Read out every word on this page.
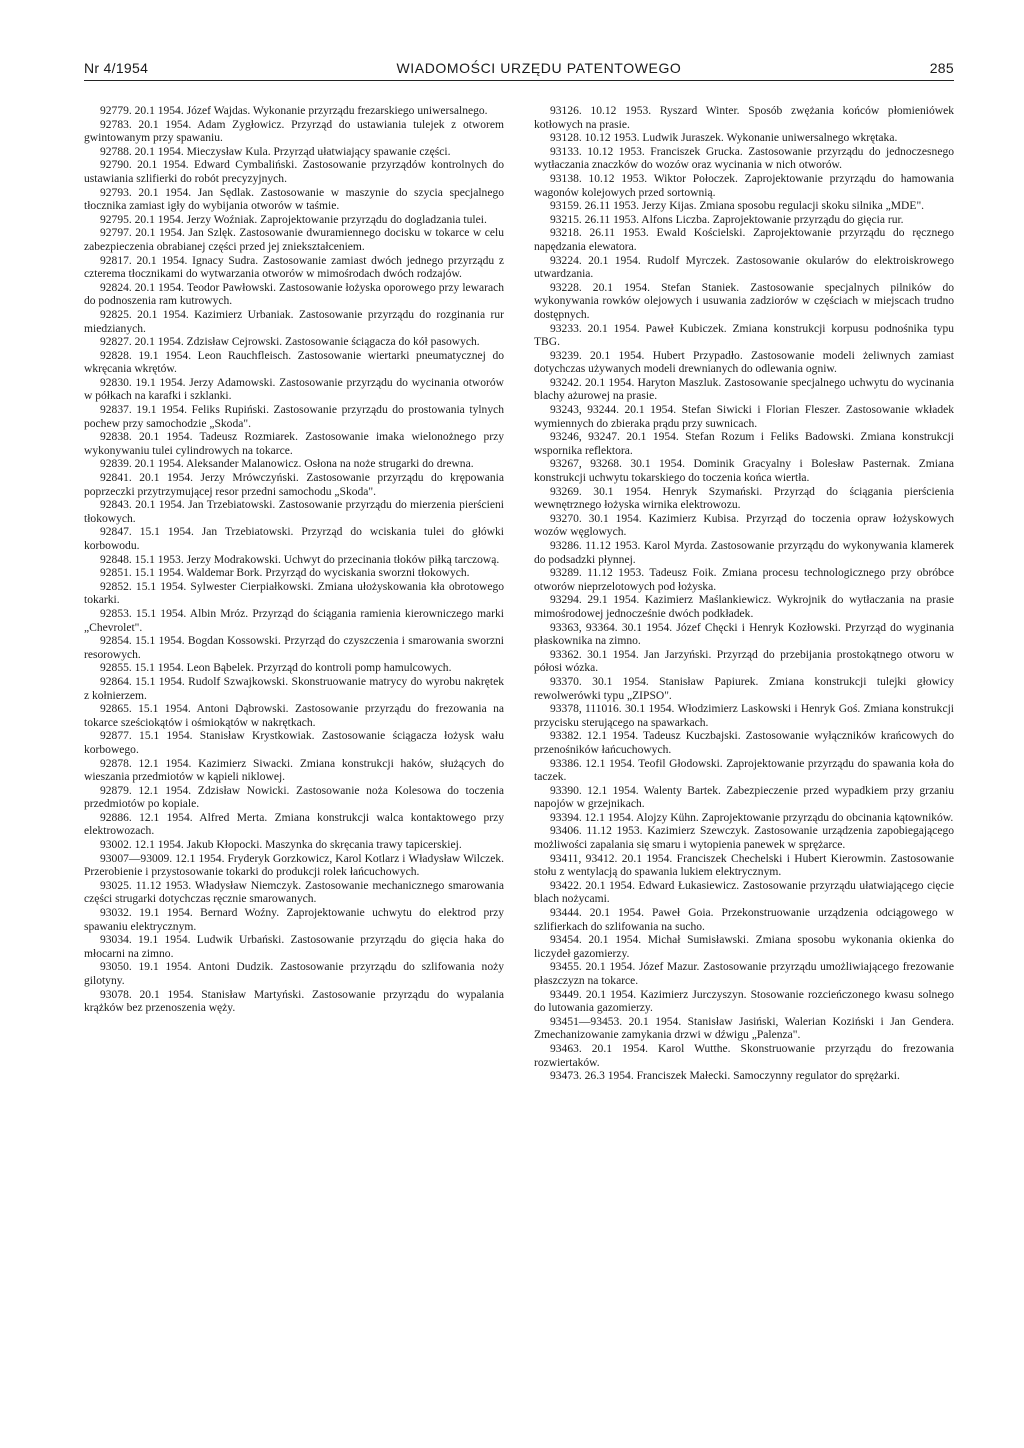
Nr 4/1954	WIADOMOŚCI URZĘDU PATENTOWEGO	285

92779. 20.1 1954. Józef Wajdas. Wykonanie przyrządu frezarskiego uniwersalnego.

92783. 20.1 1954. Adam Zygłowicz. Przyrząd do ustawiania tulejek z otworem gwintowanym przy spawaniu.

92788. 20.1 1954. Mieczysław Kula. Przyrząd ułatwiający spawanie części.

92790. 20.1 1954. Edward Cymbaliński. Zastosowanie przyrządów kontrolnych do ustawiania szlifierki do robót precyzyjnych.

92793. 20.1 1954. Jan Sędlak. Zastosowanie w maszynie do szycia specjalnego tłocznika zamiast igły do wybijania otworów w taśmie.

92795. 20.1 1954. Jerzy Woźniak. Zaprojektowanie przyrządu do dogladzania tulei.

92797. 20.1 1954. Jan Szlęk. Zastosowanie dwuramiennego docisku w tokarce w celu zabezpieczenia obrabianej części przed jej zniekształceniem.

92817. 20.1 1954. Ignacy Sudra. Zastosowanie zamiast dwóch jednego przyrządu z czterema tłocznikami do wytwarzania otworów w mimośrodach dwóch rodzajów.

92824. 20.1 1954. Teodor Pawłowski. Zastosowanie łożyska oporowego przy lewarach do podnoszenia ram kutrowych.

92825. 20.1 1954. Kazimierz Urbaniak. Zastosowanie przyrządu do rozginania rur miedzianych.

92827. 20.1 1954. Zdzisław Cejrowski. Zastosowanie ściągacza do kół pasowych.

92828. 19.1 1954. Leon Rauchfleisch. Zastosowanie wiertarki pneumatycznej do wkręcania wkrętów.

92830. 19.1 1954. Jerzy Adamowski. Zastosowanie przyrządu do wycinania otworów w półkach na karafki i szklanki.

92837. 19.1 1954. Feliks Rupiński. Zastosowanie przyrządu do prostowania tylnych pochew przy samochodzie „Skoda".

92838. 20.1 1954. Tadeusz Rozmiarek. Zastosowanie imaka wielonożnego przy wykonywaniu tulei cylindrowych na tokarce.

92839. 20.1 1954. Aleksander Malanowicz. Osłona na noże strugarki do drewna.

92841. 20.1 1954. Jerzy Mrówczyński. Zastosowanie przyrządu do krępowania poprzeczki przytrzymującej resor przedni samochodu „Skoda".

92843. 20.1 1954. Jan Trzebiatowski. Zastosowanie przyrządu do mierzenia pierścieni tłokowych.

92847. 15.1 1954. Jan Trzebiatowski. Przyrząd do wciskania tulei do główki korbowodu.

92848. 15.1 1953. Jerzy Modrakowski. Uchwyt do przecinania tłoków piłką tarczową.

92851. 15.1 1954. Waldemar Bork. Przyrząd do wyciskania sworzni tłokowych.

92852. 15.1 1954. Sylwester Cierpiałkowski. Zmiana ułożyskowania kła obrotowego tokarki.

92853. 15.1 1954. Albin Mróz. Przyrząd do ściągania ramienia kierowniczego marki „Chevrolet".

92854. 15.1 1954. Bogdan Kossowski. Przyrząd do czyszczenia i smarowania sworzni resorowych.

92855. 15.1 1954. Leon Bąbelek. Przyrząd do kontroli pomp hamulcowych.

92864. 15.1 1954. Rudolf Szwajkowski. Skonstruowanie matrycy do wyrobu nakrętek z kołnierzem.

92865. 15.1 1954. Antoni Dąbrowski. Zastosowanie przyrządu do frezowania na tokarce sześciokątów i ośmiokątów w nakrętkach.

92877. 15.1 1954. Stanisław Krystkowiak. Zastosowanie ściągacza łożysk wału korbowego.

92878. 12.1 1954. Kazimierz Siwacki. Zmiana konstrukcji haków, służących do wieszania przedmiotów w kąpieli niklowej.

92879. 12.1 1954. Zdzisław Nowicki. Zastosowanie noża Kolesowa do toczenia przedmiotów po kopiale.

92886. 12.1 1954. Alfred Merta. Zmiana konstrukcji walca kontaktowego przy elektrowozach.

93002. 12.1 1954. Jakub Kłopocki. Maszynka do skręcania trawy tapicerskiej.

93007—93009. 12.1 1954. Fryderyk Gorzkowicz, Karol Kotlarz i Władysław Wilczek. Przerobienie i przystosowanie tokarki do produkcji rolek łańcuchowych.

93025. 11.12 1953. Władysław Niemczyk. Zastosowanie mechanicznego smarowania części strugarki dotychczas ręcznie smarowanych.

93032. 19.1 1954. Bernard Woźny. Zaprojektowanie uchwytu do elektrod przy spawaniu elektrycznym.

93034. 19.1 1954. Ludwik Urbański. Zastosowanie przyrządu do gięcia haka do młocarni na zimno.

93050. 19.1 1954. Antoni Dudzik. Zastosowanie przyrządu do szlifowania noży gilotyny.

93078. 20.1 1954. Stanisław Martyński. Zastosowanie przyrządu do wypalania krążków bez przenoszenia węży.

93126. 10.12 1953. Ryszard Winter. Sposób zwężania końców płomieniówek kotłowych na prasie.

93128. 10.12 1953. Ludwik Juraszek. Wykonanie uniwersalnego wkrętaka.

93133. 10.12 1953. Franciszek Grucka. Zastosowanie przyrządu do jednoczesnego wytłaczania znaczków do wozów oraz wycinania w nich otworów.

93138. 10.12 1953. Wiktor Połoczek. Zaprojektowanie przyrządu do hamowania wagonów kolejowych przed sortownią.

93159. 26.11 1953. Jerzy Kijas. Zmiana sposobu regulacji skoku silnika „MDE".

93215. 26.11 1953. Alfons Liczba. Zaprojektowanie przyrządu do gięcia rur.

93218. 26.11 1953. Ewald Kościelski. Zaprojektowanie przyrządu do ręcznego napędzania elewatora.

93224. 20.1 1954. Rudolf Myrczek. Zastosowanie okularów do elektroiskrowego utwardzania.

93228. 20.1 1954. Stefan Staniek. Zastosowanie specjalnych pilników do wykonywania rowków olejowych i usuwania zadziorów w częściach w miejscach trudno dostępnych.

93233. 20.1 1954. Paweł Kubiczek. Zmiana konstrukcji korpusu podnośnika typu TBG.

93239. 20.1 1954. Hubert Przypadło. Zastosowanie modeli żeliwnych zamiast dotychczas używanych modeli drewnianych do odlewania ogniw.

93242. 20.1 1954. Haryton Maszluk. Zastosowanie specjalnego uchwytu do wycinania blachy ażurowej na prasie.

93243, 93244. 20.1 1954. Stefan Siwicki i Florian Fleszer. Zastosowanie wkładek wymiennych do zbieraka prądu przy suwnicach.

93246, 93247. 20.1 1954. Stefan Rozum i Feliks Badowski. Zmiana konstrukcji wspornika reflektora.

93267, 93268. 30.1 1954. Dominik Gracyalny i Bolesław Pasternak. Zmiana konstrukcji uchwytu tokarskiego do toczenia końca wiertła.

93269. 30.1 1954. Henryk Szymański. Przyrząd do ściągania pierścienia wewnętrznego łożyska wirnika elektrowozu.

93270. 30.1 1954. Kazimierz Kubisa. Przyrząd do toczenia opraw łożyskowych wozów węglowych.

93286. 11.12 1953. Karol Myrda. Zastosowanie przyrządu do wykonywania klamerek do podsadzki płynnej.

93289. 11.12 1953. Tadeusz Foik. Zmiana procesu technologicznego przy obróbce otworów nieprzelotowych pod łożyska.

93294. 29.1 1954. Kazimierz Maślankiewicz. Wykrojnik do wytłaczania na prasie mimośrodowej jednocześnie dwóch podkładek.

93363, 93364. 30.1 1954. Józef Chęcki i Henryk Kozłowski. Przyrząd do wyginania płaskownika na zimno.

93362. 30.1 1954. Jan Jarzyński. Przyrząd do przebijania prostokątnego otworu w półosi wózka.

93370. 30.1 1954. Stanisław Papiurek. Zmiana konstrukcji tulejki głowicy rewolwerówki typu „ZIPSO".

93378, 111016. 30.1 1954. Włodzimierz Laskowski i Henryk Goś. Zmiana konstrukcji przycisku sterującego na spawarkach.

93382. 12.1 1954. Tadeusz Kuczbajski. Zastosowanie wyłączników krańcowych do przenośników łańcuchowych.

93386. 12.1 1954. Teofil Głodowski. Zaprojektowanie przyrządu do spawania koła do taczek.

93390. 12.1 1954. Walenty Bartek. Zabezpieczenie przed wypadkiem przy grzaniu napojów w grzejnikach.

93394. 12.1 1954. Alojzy Kühn. Zaprojektowanie przyrządu do obcinania kątowników.

93406. 11.12 1953. Kazimierz Szewczyk. Zastosowanie urządzenia zapobiegającego możliwości zapalania się smaru i wytopienia panewek w sprężarce.

93411, 93412. 20.1 1954. Franciszek Chechelski i Hubert Kierowmin. Zastosowanie stołu z wentylacją do spawania lukiem elektrycznym.

93422. 20.1 1954. Edward Łukasiewicz. Zastosowanie przyrządu ułatwiającego cięcie blach nożycami.

93444. 20.1 1954. Paweł Goia. Przekonstruowanie urządzenia odciągowego w szlifierkach do szlifowania na sucho.

93454. 20.1 1954. Michał Sumisławski. Zmiana sposobu wykonania okienka do liczydeł gazomierzy.

93455. 20.1 1954. Józef Mazur. Zastosowanie przyrządu umożliwiającego frezowanie płaszczyzn na tokarce.

93449. 20.1 1954. Kazimierz Jurczyszyn. Stosowanie rozcieńczonego kwasu solnego do lutowania gazomierzy.

93451—93453. 20.1 1954. Stanisław Jasiński, Walerian Koziński i Jan Gendera. Zmechanizowanie zamykania drzwi w dźwigu „Palenza".

93463. 20.1 1954. Karol Wutthe. Skonstruowanie przyrządu do frezowania rozwiertaków.

93473. 26.3 1954. Franciszek Małecki. Samoczynny regulator do sprężarki.
